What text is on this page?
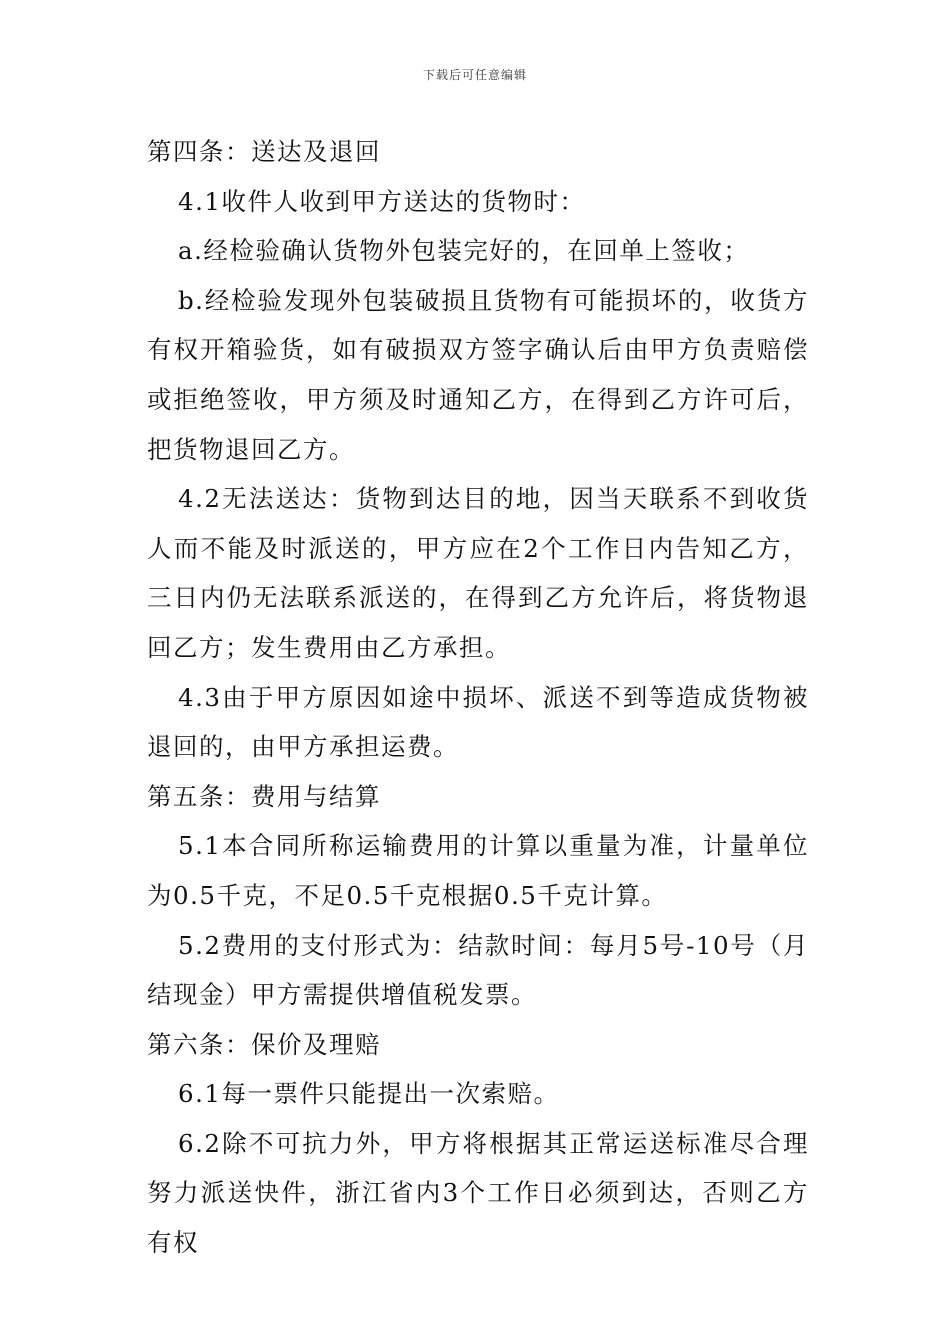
下载后可任意编辑

第四条：送达及退回

4.1收件人收到甲方送达的货物时：

a.经检验确认货物外包装完好的，在回单上签收；

b.经检验发现外包装破损且货物有可能损坏的，收货方有权开箱验货，如有破损双方签字确认后由甲方负责赔偿或拒绝签收，甲方须及时通知乙方，在得到乙方许可后，把货物退回乙方。

4.2无法送达：货物到达目的地，因当天联系不到收货人而不能及时派送的，甲方应在2个工作日内告知乙方，三日内仍无法联系派送的，在得到乙方允许后，将货物退回乙方；发生费用由乙方承担。

4.3由于甲方原因如途中损坏、派送不到等造成货物被退回的，由甲方承担运费。

第五条：费用与结算

5.1本合同所称运输费用的计算以重量为准，计量单位为0.5千克，不足0.5千克根据0.5千克计算。

5.2费用的支付形式为：结款时间：每月5号-10号（月结现金）甲方需提供增值税发票。

第六条：保价及理赔

6.1每一票件只能提出一次索赔。

6.2除不可抗力外，甲方将根据其正常运送标准尽合理努力派送快件，浙江省内3个工作日必须到达，否则乙方有权
